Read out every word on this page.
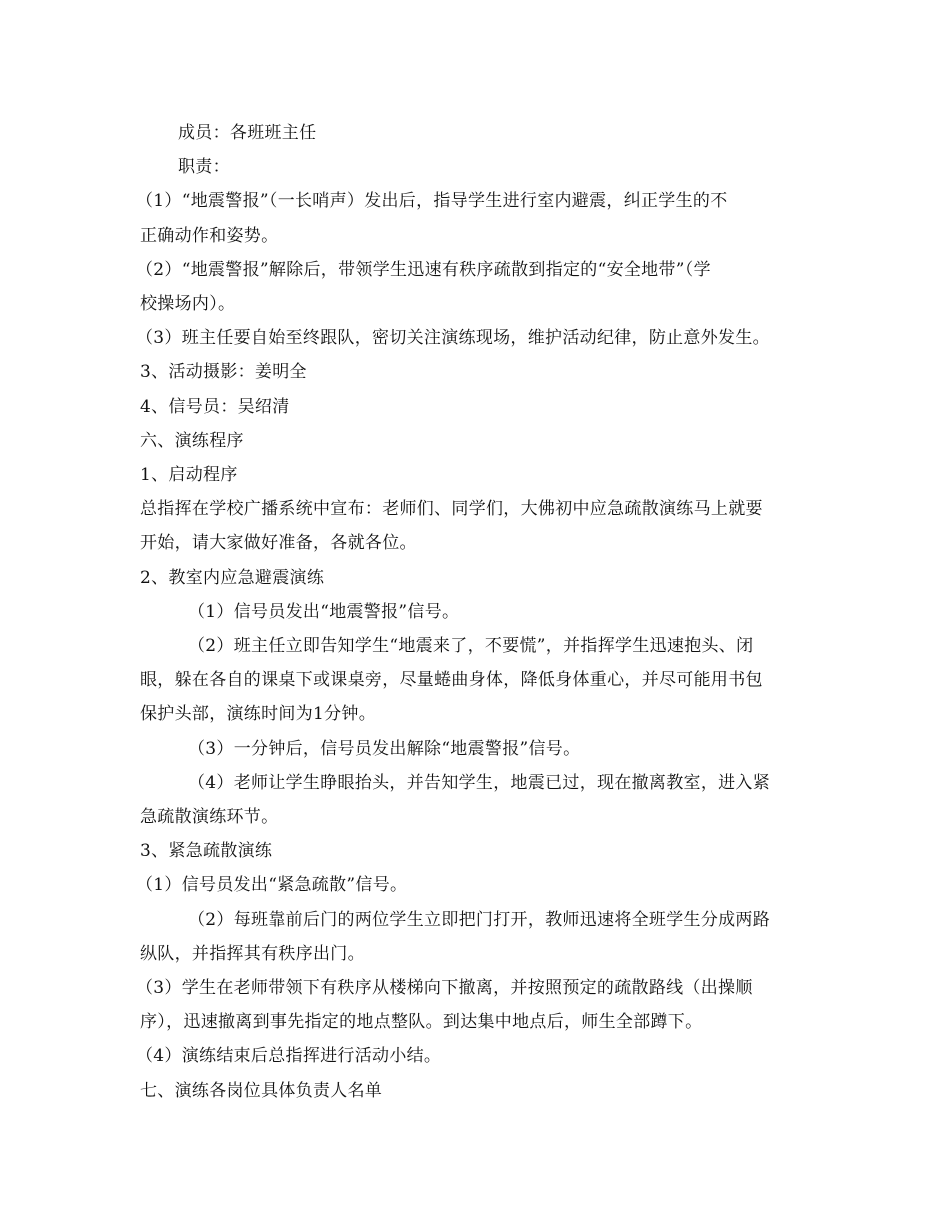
成员：各班班主任
职责：
（1）“地震警报”（一长哨声）发出后，指导学生进行室内避震，纠正学生的不
正确动作和姿势。
（2）“地震警报”解除后，带领学生迅速有秩序疏散到指定的“安全地带”（学
校操场内）。
（3）班主任要自始至终跟队，密切关注演练现场，维护活动纪律，防止意外发生。
3、活动摄影：姜明全
4、信号员：吴绍清
六、演练程序
1、启动程序
总指挥在学校广播系统中宣布：老师们、同学们，大佛初中应急疏散演练马上就要
开始，请大家做好准备，各就各位。
2、教室内应急避震演练
（1）信号员发出“地震警报”信号。
（2）班主任立即告知学生“地震来了，不要慌”，并指挥学生迅速抱头、闭
眼，躲在各自的课桌下或课桌旁，尽量蜷曲身体，降低身体重心，并尽可能用书包
保护头部，演练时间为1分钟。
（3）一分钟后，信号员发出解除“地震警报”信号。
（4）老师让学生睁眼抬头，并告知学生，地震已过，现在撤离教室，进入紧
急疏散演练环节。
3、紧急疏散演练
（1）信号员发出“紧急疏散”信号。
（2）每班靠前后门的两位学生立即把门打开，教师迅速将全班学生分成两路
纵队，并指挥其有秩序出门。
（3）学生在老师带领下有秩序从楼梯向下撤离，并按照预定的疏散路线（出操顺
序），迅速撤离到事先指定的地点整队。到达集中地点后，师生全部蹲下。
（4）演练结束后总指挥进行活动小结。
七、演练各岗位具体负责人名单
